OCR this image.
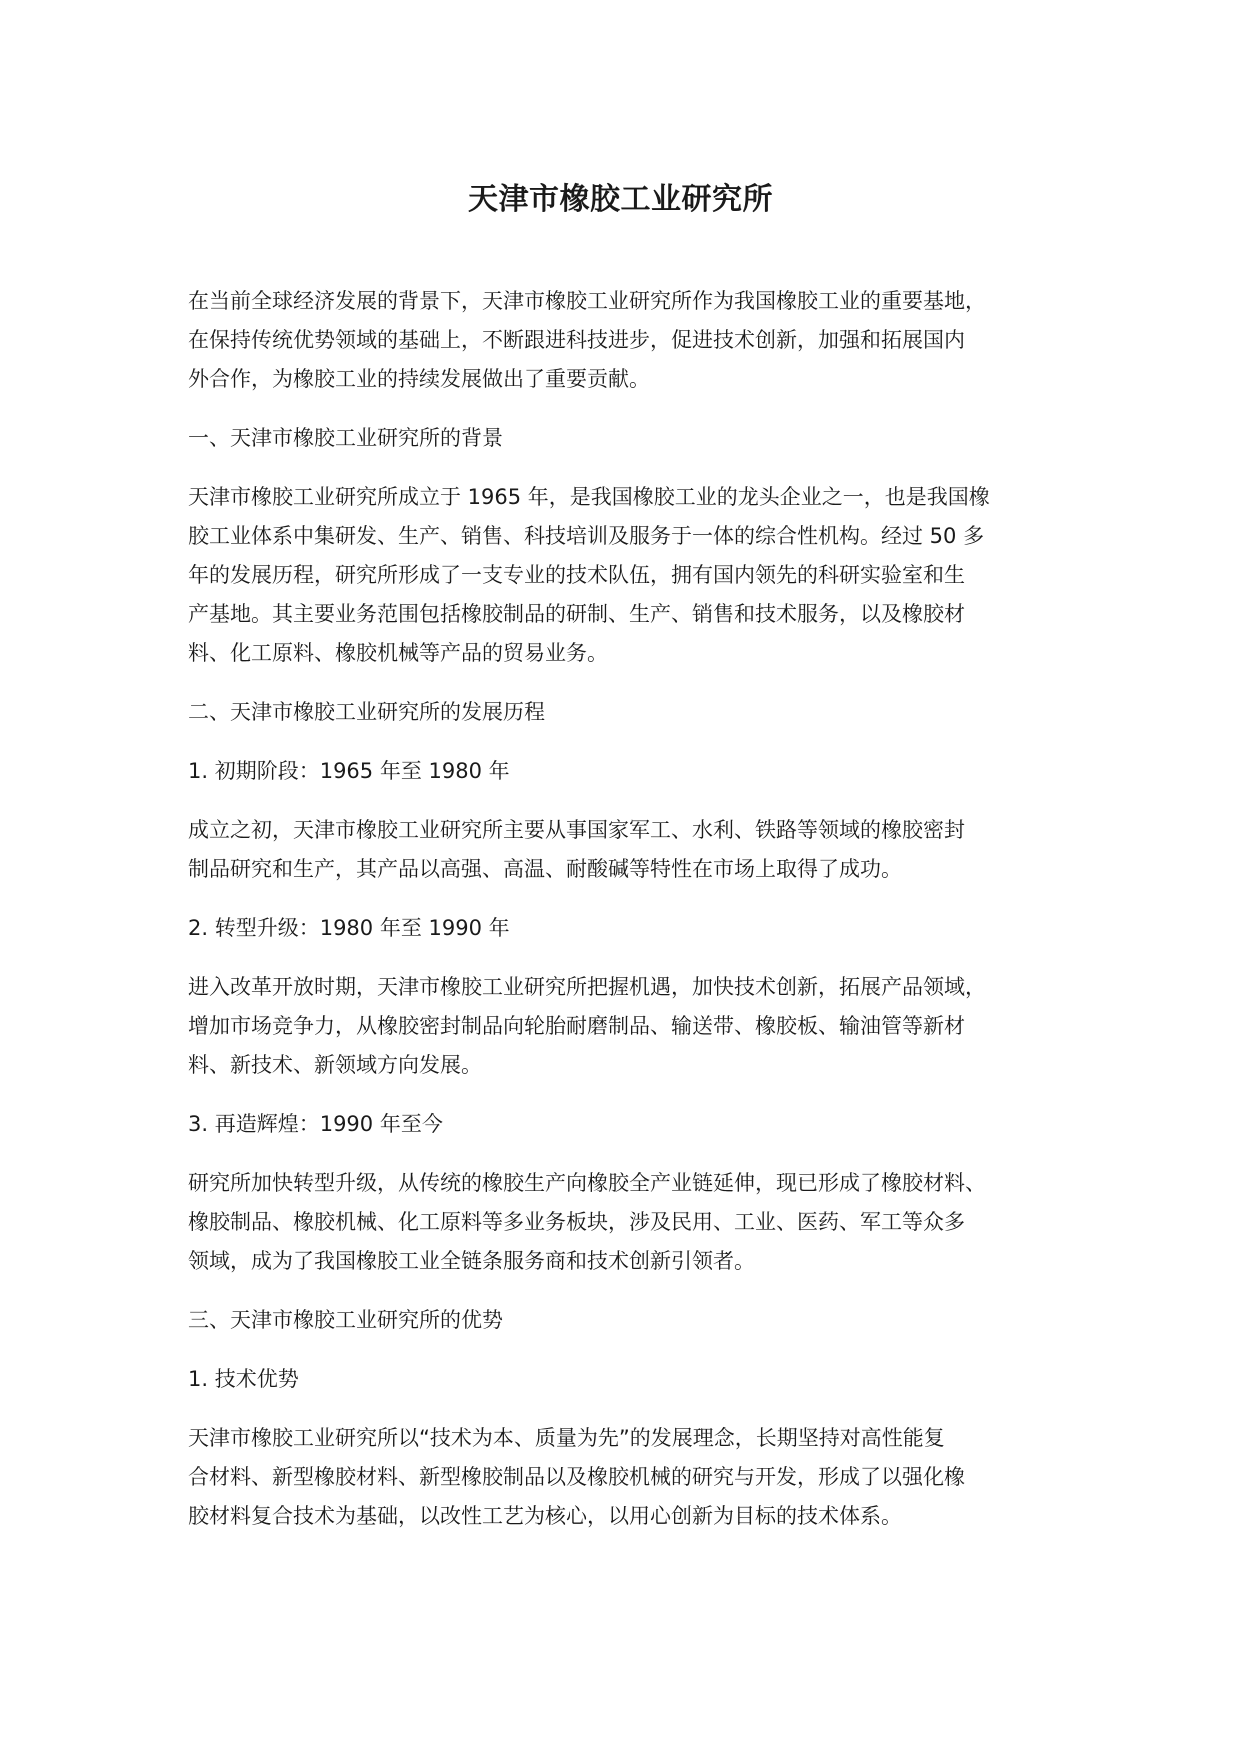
天津市橡胶工业研究所

在当前全球经济发展的背景下，天津市橡胶工业研究所作为我国橡胶工业的重要基地，
在保持传统优势领域的基础上，不断跟进科技进步，促进技术创新，加强和拓展国内
外合作，为橡胶工业的持续发展做出了重要贡献。

一、天津市橡胶工业研究所的背景

天津市橡胶工业研究所成立于 1965 年，是我国橡胶工业的龙头企业之一，也是我国橡
胶工业体系中集研发、生产、销售、科技培训及服务于一体的综合性机构。经过 50 多
年的发展历程，研究所形成了一支专业的技术队伍，拥有国内领先的科研实验室和生
产基地。其主要业务范围包括橡胶制品的研制、生产、销售和技术服务，以及橡胶材
料、化工原料、橡胶机械等产品的贸易业务。

二、天津市橡胶工业研究所的发展历程
1. 初期阶段：1965 年至 1980 年

成立之初，天津市橡胶工业研究所主要从事国家军工、水利、铁路等领域的橡胶密封
制品研究和生产，其产品以高强、高温、耐酸碱等特性在市场上取得了成功。

2. 转型升级：1980 年至 1990 年

进入改革开放时期，天津市橡胶工业研究所把握机遇，加快技术创新，拓展产品领域，
增加市场竞争力，从橡胶密封制品向轮胎耐磨制品、输送带、橡胶板、输油管等新材
料、新技术、新领域方向发展。

3. 再造辉煌：1990 年至今

研究所加快转型升级，从传统的橡胶生产向橡胶全产业链延伸，现已形成了橡胶材料、
橡胶制品、橡胶机械、化工原料等多业务板块，涉及民用、工业、医药、军工等众多
领域，成为了我国橡胶工业全链条服务商和技术创新引领者。

三、天津市橡胶工业研究所的优势
1. 技术优势

天津市橡胶工业研究所以“技术为本、质量为先”的发展理念，长期坚持对高性能复
合材料、新型橡胶材料、新型橡胶制品以及橡胶机械的研究与开发，形成了以强化橡
胶材料复合技术为基础，以改性工艺为核心，以用心创新为目标的技术体系。
